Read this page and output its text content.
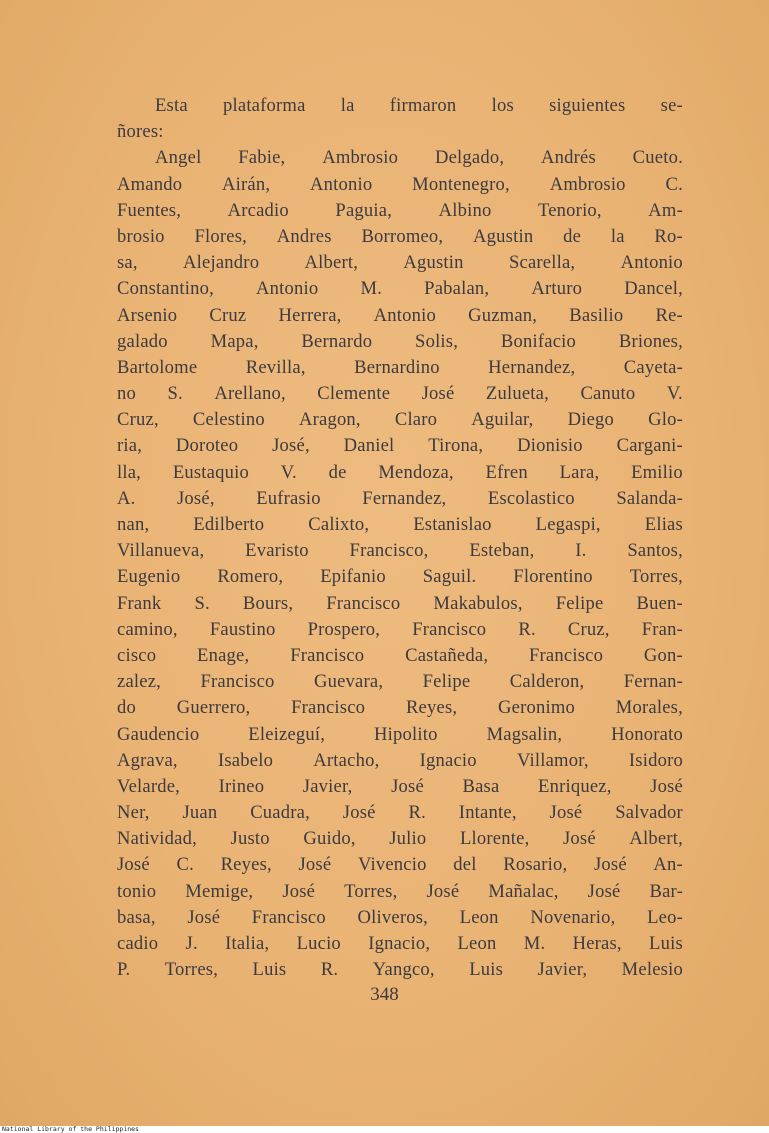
Esta plataforma la firmaron los siguientes se-
ñores:
Angel Fabie, Ambrosio Delgado, Andrés Cueto.
Amando Airán, Antonio Montenegro, Ambrosio C.
Fuentes,	Arcadio	Paguia,	Albino	Tenorio,	Am-
brosio Flores, Andres Borromeo, Agustin de la Ro-
sa, Alejandro Albert, Agustin Scarella, Antonio
Constantino, Antonio M. Pabalan, Arturo Dancel,
Arsenio Cruz Herrera, Antonio Guzman, Basilio Re-
galado Mapa, Bernardo Solis, Bonifacio Briones,
Bartolome	Revilla,	Bernardino	Hernandez,	Cayeta-
no S. Arellano, Clemente José Zulueta, Canuto V.
Cruz, Celestino Aragon, Claro Aguilar, Diego Glo-
ria, Doroteo José, Daniel Tirona, Dionisio Cargani-
lla, Eustaquio V. de Mendoza, Efren Lara, Emilio
A. José, Eufrasio Fernandez, Escolastico Salanda-
nan, Edilberto Calixto, Estanislao Legaspi, Elias
Villanueva, Evaristo Francisco, Esteban, I. Santos,
Eugenio Romero, Epifanio Saguil. Florentino Torres,
Frank S. Bours, Francisco Makabulos, Felipe Buen-
camino, Faustino Prospero, Francisco R. Cruz, Fran-
cisco Enage, Francisco Castañeda, Francisco Gon-
zalez, Francisco Guevara, Felipe Calderon, Fernan-
do Guerrero, Francisco Reyes, Geronimo Morales,
Gaudencio	Eleizeguí,	Hipolito	Magsalin,	Honorato
Agrava, Isabelo Artacho, Ignacio Villamor, Isidoro
Velarde, Irineo Javier, José Basa Enriquez, José
Ner, Juan Cuadra, José R. Intante, José Salvador
Natividad, Justo Guido, Julio Llorente, José Albert,
José C. Reyes, José Vivencio del Rosario, José An-
tonio Memige, José Torres, José Mañalac, José Bar-
basa, José Francisco Oliveros, Leon Novenario, Leo-
cadio J. Italia, Lucio Ignacio, Leon M. Heras, Luis
P. Torres, Luis R. Yangco, Luis Javier, Melesio
348
National Library of the Philippines
